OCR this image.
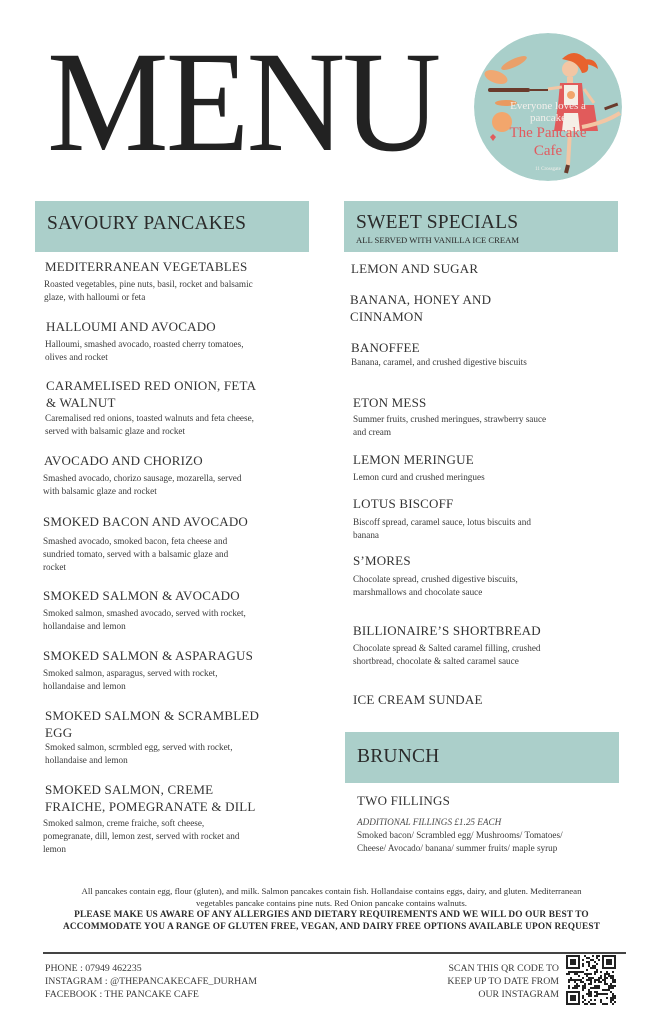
MENU	Everyone loves a
pancake
The Pancake
Cafe
11 Crossgate
SAVOURY PANCAKES	SWEET SPECIALS
ALL SERVED WITH VANILLA ICE CREAM
BRUNCH
MEDITERRANEAN VEGETABLES
Roasted vegetables, pine nuts, basil, rocket and balsamic
glaze, with halloumi or feta
HALLOUMI AND AVOCADO
Halloumi, smashed avocado, roasted cherry tomatoes,
olives and rocket
CARAMELISED RED ONION, FETA
& WALNUT
Caremalised red onions, toasted walnuts and feta cheese,
served with balsamic glaze and rocket
AVOCADO AND CHORIZO
Smashed avocado, chorizo sausage, mozarella, served
with balsamic glaze and rocket
SMOKED BACON AND AVOCADO
Smashed avocado, smoked bacon, feta cheese and
sundried tomato, served with a balsamic glaze and
rocket
SMOKED SALMON & AVOCADO
Smoked salmon, smashed avocado, served with rocket,
hollandaise and lemon
SMOKED SALMON & ASPARAGUS
Smoked salmon, asparagus, served with rocket,
hollandaise and lemon
SMOKED SALMON & SCRAMBLED
EGG
Smoked salmon, scrmbled egg, served with rocket,
hollandaise and lemon
SMOKED SALMON, CREME
FRAICHE, POMEGRANATE & DILL
Smoked salmon, creme fraiche, soft cheese,
pomegranate, dill, lemon zest, served with rocket and
lemon
LEMON AND SUGAR
BANANA, HONEY AND
CINNAMON
BANOFFEE
Banana, caramel, and crushed digestive biscuits
ETON MESS
Summer fruits, crushed meringues, strawberry sauce
and cream
LEMON MERINGUE
Lemon curd and crushed meringues
LOTUS BISCOFF
Biscoff spread, caramel sauce, lotus biscuits and
banana
S’MORES
Chocolate spread, crushed digestive biscuits,
marshmallows and chocolate sauce
BILLIONAIRE’S SHORTBREAD
Chocolate spread & Salted caramel filling, crushed
shortbread, chocolate & salted caramel sauce
ICE CREAM SUNDAE
TWO FILLINGS
ADDITIONAL FILLINGS £1.25 EACH
Smoked bacon/ Scrambled egg/ Mushrooms/ Tomatoes/
Cheese/ Avocado/ banana/ summer fruits/ maple syrup
All pancakes contain egg, flour (gluten), and milk. Salmon pancakes contain fish. Hollandaise contains eggs, dairy, and gluten. Mediterranean
vegetables pancake contains pine nuts. Red Onion pancake contains walnuts.
PLEASE MAKE US AWARE OF ANY ALLERGIES AND DIETARY REQUIREMENTS AND WE WILL DO OUR BEST TO
ACCOMMODATE YOU A RANGE OF GLUTEN FREE, VEGAN, AND DAIRY FREE OPTIONS AVAILABLE UPON REQUEST
PHONE : 07949 462235
INSTAGRAM : @THEPANCAKECAFE_DURHAM
FACEBOOK : THE PANCAKE CAFE
SCAN THIS QR CODE TO
KEEP UP TO DATE FROM
OUR INSTAGRAM
